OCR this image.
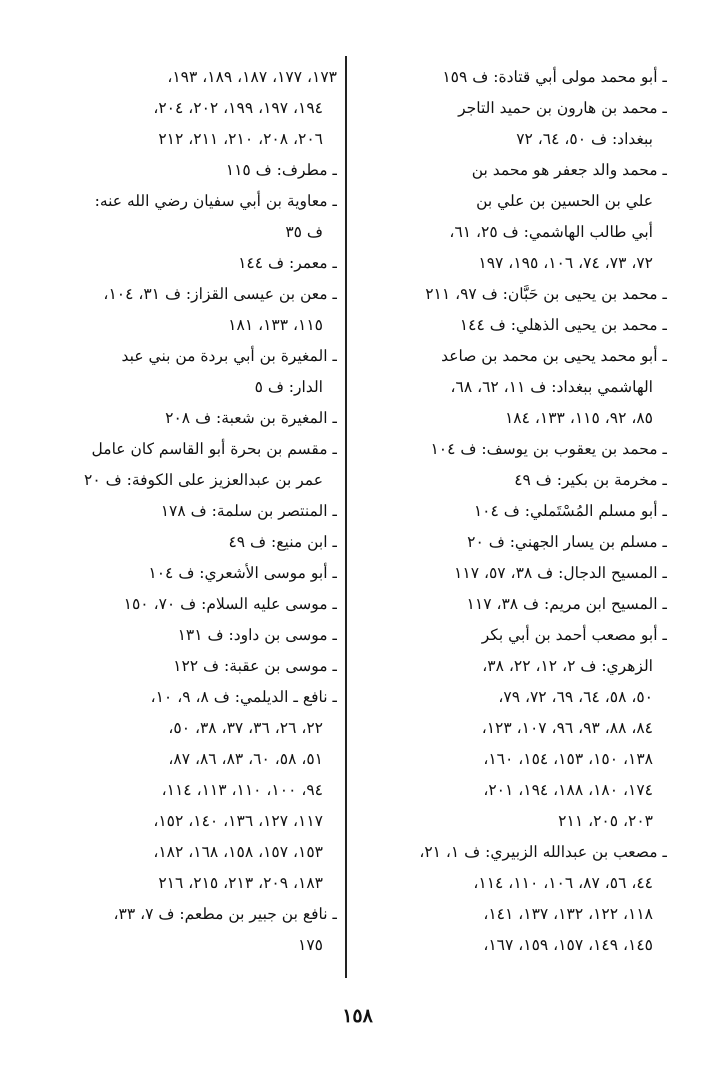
ـ أبو محمد مولى أبي قتادة: ف ١٥٩
ـ محمد بن هارون بن حميد التاجر
ببغداد: ف ٥٠، ٦٤، ٧٢
ـ محمد والد جعفر هو محمد بن
علي بن الحسين بن علي بن
أبي طالب الهاشمي: ف ٢٥، ٦١،
٧٢، ٧٣، ٧٤، ١٠٦، ١٩٥، ١٩٧
ـ محمد بن يحيى بن حَبَّان: ف ٩٧، ٢١١
ـ محمد بن يحيى الذهلي: ف ١٤٤
ـ أبو محمد يحيى بن محمد بن صاعد
الهاشمي ببغداد: ف ١١، ٦٢، ٦٨،
٨٥، ٩٢، ١١٥، ١٣٣، ١٨٤
ـ محمد بن يعقوب بن يوسف: ف ١٠٤
ـ مخرمة بن بكير: ف ٤٩
ـ أبو مسلم المُسْتَملي: ف ١٠٤
ـ مسلم بن يسار الجهني: ف ٢٠
ـ المسيح الدجال: ف ٣٨، ٥٧، ١١٧
ـ المسيح ابن مريم: ف ٣٨، ١١٧
ـ أبو مصعب أحمد بن أبي بكر
الزهري: ف ٢، ١٢، ٢٢، ٣٨،
٥٠، ٥٨، ٦٤، ٦٩، ٧٢، ٧٩،
٨٤، ٨٨، ٩٣، ٩٦، ١٠٧، ١٢٣،
١٣٨، ١٥٠، ١٥٣، ١٥٤، ١٦٠،
١٧٤، ١٨٠، ١٨٨، ١٩٤، ٢٠١،
٢٠٣، ٢٠٥، ٢١١
ـ مصعب بن عبدالله الزبيري: ف ١، ٢١،
٤٤، ٥٦، ٨٧، ١٠٦، ١١٠، ١١٤،
١١٨، ١٢٢، ١٣٢، ١٣٧، ١٤١،
١٤٥، ١٤٩، ١٥٧، ١٥٩، ١٦٧،
١٧٣، ١٧٧، ١٨٧، ١٨٩، ١٩٣،
١٩٤، ١٩٧، ١٩٩، ٢٠٢، ٢٠٤،
٢٠٦، ٢٠٨، ٢١٠، ٢١١، ٢١٢
ـ مطرف: ف ١١٥
ـ معاوية بن أبي سفيان رضي الله عنه:
ف ٣٥
ـ معمر: ف ١٤٤
ـ معن بن عيسى القزاز: ف ٣١، ١٠٤،
١١٥، ١٣٣، ١٨١
ـ المغيرة بن أبي بردة من بني عبد
الدار: ف ٥
ـ المغيرة بن شعبة: ف ٢٠٨
ـ مقسم بن بحرة أبو القاسم كان عامل
عمر بن عبدالعزيز على الكوفة: ف ٢٠
ـ المنتصر بن سلمة: ف ١٧٨
ـ ابن منيع: ف ٤٩
ـ أبو موسى الأشعري: ف ١٠٤
ـ موسى عليه السلام: ف ٧٠، ١٥٠
ـ موسى بن داود: ف ١٣١
ـ موسى بن عقبة: ف ١٢٢
ـ نافع ـ الديلمي: ف ٨، ٩، ١٠،
٢٢، ٢٦، ٣٦، ٣٧، ٣٨، ٥٠،
٥١، ٥٨، ٦٠، ٨٣، ٨٦، ٨٧،
٩٤، ١٠٠، ١١٠، ١١٣، ١١٤،
١١٧، ١٢٧، ١٣٦، ١٤٠، ١٥٢،
١٥٣، ١٥٧، ١٥٨، ١٦٨، ١٨٢،
١٨٣، ٢٠٩، ٢١٣، ٢١٥، ٢١٦
ـ نافع بن جبير بن مطعم: ف ٧، ٣٣،
١٧٥
١٥٨
